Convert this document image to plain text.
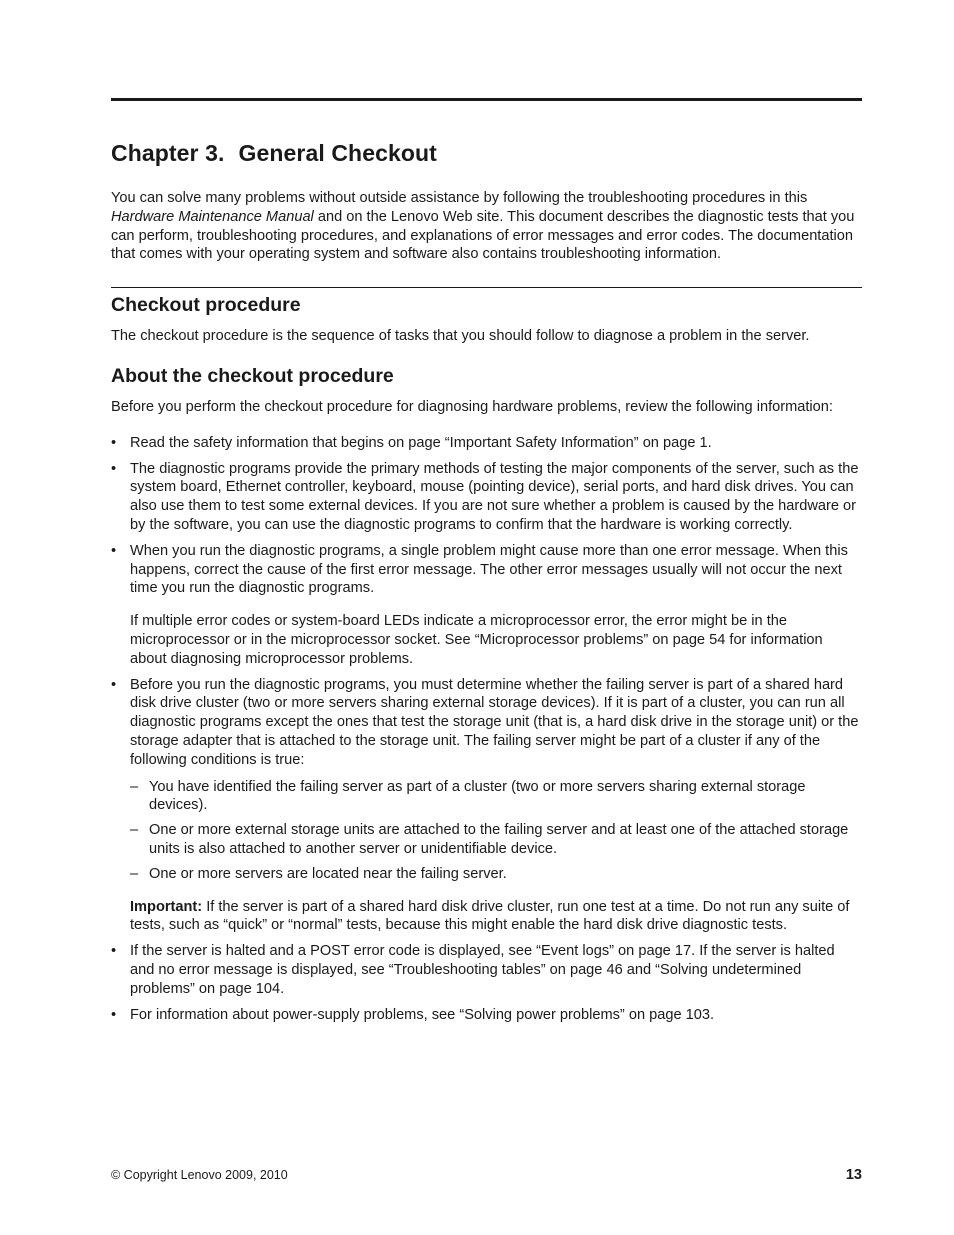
Chapter 3. General Checkout

You can solve many problems without outside assistance by following the troubleshooting procedures in this Hardware Maintenance Manual and on the Lenovo Web site. This document describes the diagnostic tests that you can perform, troubleshooting procedures, and explanations of error messages and error codes. The documentation that comes with your operating system and software also contains troubleshooting information.

Checkout procedure

The checkout procedure is the sequence of tasks that you should follow to diagnose a problem in the server.

About the checkout procedure

Before you perform the checkout procedure for diagnosing hardware problems, review the following information:

• Read the safety information that begins on page “Important Safety Information” on page 1.
• The diagnostic programs provide the primary methods of testing the major components of the server, such as the system board, Ethernet controller, keyboard, mouse (pointing device), serial ports, and hard disk drives. You can also use them to test some external devices. If you are not sure whether a problem is caused by the hardware or by the software, you can use the diagnostic programs to confirm that the hardware is working correctly.
• When you run the diagnostic programs, a single problem might cause more than one error message. When this happens, correct the cause of the first error message. The other error messages usually will not occur the next time you run the diagnostic programs.

If multiple error codes or system-board LEDs indicate a microprocessor error, the error might be in the microprocessor or in the microprocessor socket. See “Microprocessor problems” on page 54 for information about diagnosing microprocessor problems.

• Before you run the diagnostic programs, you must determine whether the failing server is part of a shared hard disk drive cluster (two or more servers sharing external storage devices). If it is part of a cluster, you can run all diagnostic programs except the ones that test the storage unit (that is, a hard disk drive in the storage unit) or the storage adapter that is attached to the storage unit. The failing server might be part of a cluster if any of the following conditions is true:
– You have identified the failing server as part of a cluster (two or more servers sharing external storage devices).
– One or more external storage units are attached to the failing server and at least one of the attached storage units is also attached to another server or unidentifiable device.
– One or more servers are located near the failing server.

Important: If the server is part of a shared hard disk drive cluster, run one test at a time. Do not run any suite of tests, such as “quick” or “normal” tests, because this might enable the hard disk drive diagnostic tests.

• If the server is halted and a POST error code is displayed, see “Event logs” on page 17. If the server is halted and no error message is displayed, see “Troubleshooting tables” on page 46 and “Solving undetermined problems” on page 104.
• For information about power-supply problems, see “Solving power problems” on page 103.
© Copyright Lenovo 2009, 2010	13
